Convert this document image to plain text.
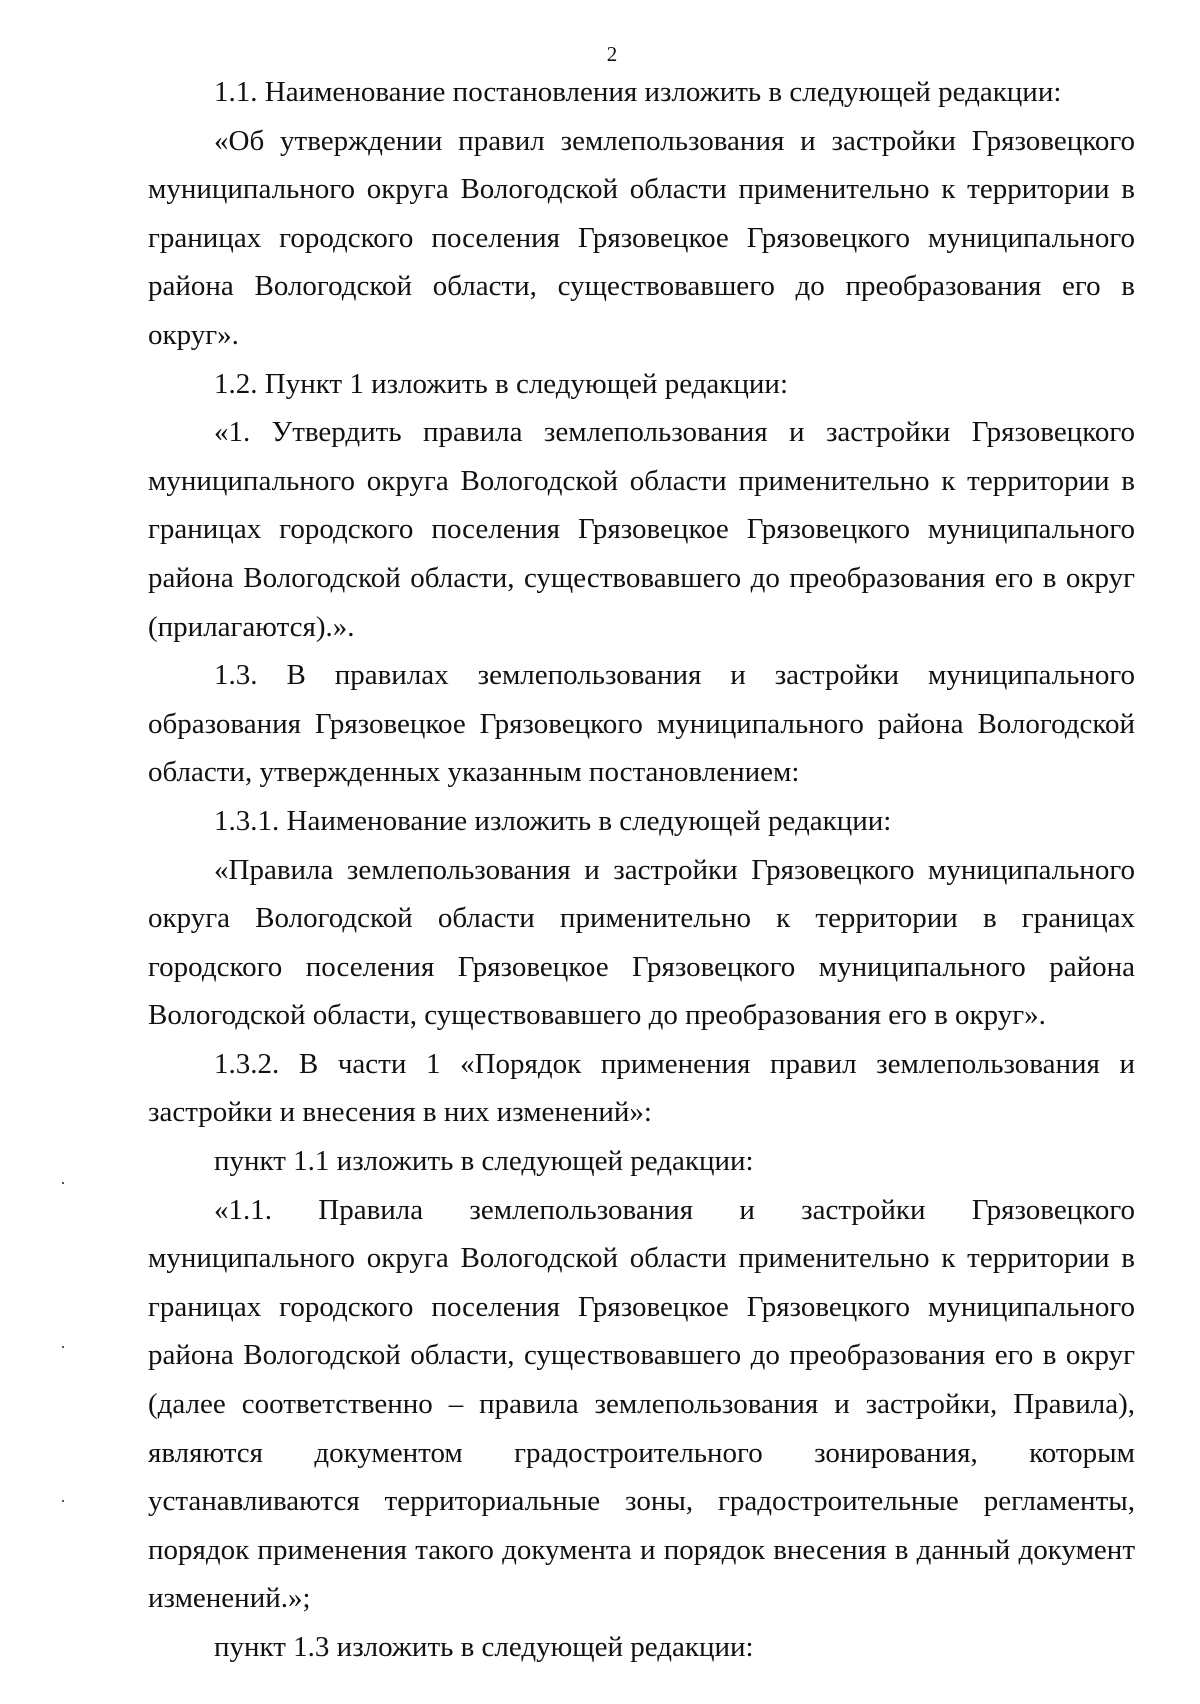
2

1.1. Наименование постановления изложить в следующей редакции:

«Об утверждении правил землепользования и застройки Грязовецкого муниципального округа Вологодской области применительно к территории в границах городского поселения Грязовецкое Грязовецкого муниципального района Вологодской области, существовавшего до преобразования его в округ».

1.2. Пункт 1 изложить в следующей редакции:

«1. Утвердить правила землепользования и застройки Грязовецкого муниципального округа Вологодской области применительно к территории в границах городского поселения Грязовецкое Грязовецкого муниципального района Вологодской области, существовавшего до преобразования его в округ (прилагаются).».

1.3. В правилах землепользования и застройки муниципального образования Грязовецкое Грязовецкого муниципального района Вологодской области, утвержденных указанным постановлением:

1.3.1. Наименование изложить в следующей редакции:

«Правила землепользования и застройки Грязовецкого муниципального округа Вологодской области применительно к территории в границах городского поселения Грязовецкое Грязовецкого муниципального района Вологодской области, существовавшего до преобразования его в округ».

1.3.2. В части 1 «Порядок применения правил землепользования и застройки и внесения в них изменений»:

пункт 1.1 изложить в следующей редакции:

«1.1. Правила землепользования и застройки Грязовецкого муниципального округа Вологодской области применительно к территории в границах городского поселения Грязовецкое Грязовецкого муниципального района Вологодской области, существовавшего до преобразования его в округ (далее соответственно – правила землепользования и застройки, Правила), являются документом градостроительного зонирования, которым устанавливаются территориальные зоны, градостроительные регламенты, порядок применения такого документа и порядок внесения в данный документ изменений.»;

пункт 1.3 изложить в следующей редакции:
